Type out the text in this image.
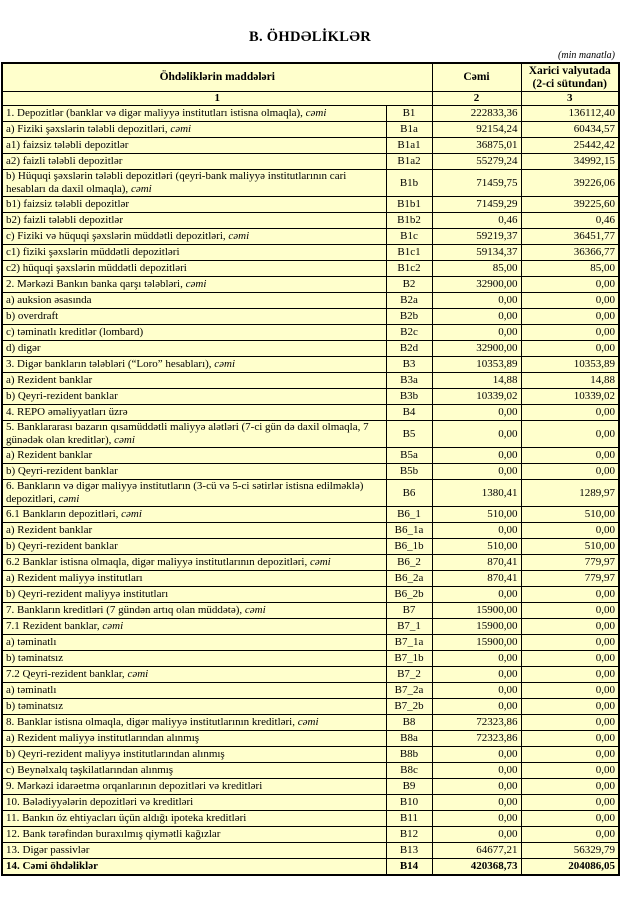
B. ÖHDƏLİKLƏR
(min manatla)
Öhdəliklərin maddələri		Cəmi	Xarici valyutada (2-ci sütundan)
1		2	3
1. Depozitlər (banklar və digər maliyyə institutları istisna olmaqla), cəmi	B1	222833,36	136112,40
a) Fiziki şəxslərin tələbli depozitləri, cəmi	B1a	92154,24	60434,57
a1) faizsiz tələbli depozitlər	B1a1	36875,01	25442,42
a2) faizli tələbli depozitlər	B1a2	55279,24	34992,15
b) Hüquqi şəxslərin tələbli depozitləri (qeyri-bank maliyyə institutlarının cari hesabları da daxil olmaqla), cəmi	B1b	71459,75	39226,06
b1) faizsiz tələbli depozitlər	B1b1	71459,29	39225,60
b2) faizli tələbli depozitlər	B1b2	0,46	0,46
c) Fiziki və hüquqi şəxslərin müddətli depozitləri, cəmi	B1c	59219,37	36451,77
c1) fiziki şəxslərin müddətli depozitləri	B1c1	59134,37	36366,77
c2) hüquqi şəxslərin müddətli depozitləri	B1c2	85,00	85,00
2. Mərkəzi Bankın banka qarşı tələbləri, cəmi	B2	32900,00	0,00
a) auksion əsasında	B2a	0,00	0,00
b) overdraft	B2b	0,00	0,00
c) təminatlı kreditlər (lombard)	B2c	0,00	0,00
d) digər	B2d	32900,00	0,00
3. Digər bankların tələbləri (“Loro” hesabları), cəmi	B3	10353,89	10353,89
a) Rezident banklar	B3a	14,88	14,88
b) Qeyri-rezident banklar	B3b	10339,02	10339,02
4. REPO əməliyyatları üzrə	B4	0,00	0,00
5. Banklararası bazarın qısamüddətli maliyyə alətləri (7-ci gün də daxil olmaqla, 7 günədək olan kreditlər), cəmi	B5	0,00	0,00
a) Rezident banklar	B5a	0,00	0,00
b) Qeyri-rezident banklar	B5b	0,00	0,00
6. Bankların və digər maliyyə institutların (3-cü və 5-ci sətirlər istisna edilməklə) depozitləri, cəmi	B6	1380,41	1289,97
6.1 Bankların depozitləri, cəmi	B6_1	510,00	510,00
a) Rezident banklar	B6_1a	0,00	0,00
b) Qeyri-rezident banklar	B6_1b	510,00	510,00
6.2 Banklar istisna olmaqla, digər maliyyə institutlarının depozitləri, cəmi	B6_2	870,41	779,97
a) Rezident maliyyə institutları	B6_2a	870,41	779,97
b) Qeyri-rezident maliyyə institutları	B6_2b	0,00	0,00
7. Bankların kreditləri (7 gündən artıq olan müddətə), cəmi	B7	15900,00	0,00
7.1 Rezident banklar, cəmi	B7_1	15900,00	0,00
a) təminatlı	B7_1a	15900,00	0,00
b) təminatsız	B7_1b	0,00	0,00
7.2 Qeyri-rezident banklar, cəmi	B7_2	0,00	0,00
a) təminatlı	B7_2a	0,00	0,00
b) təminatsız	B7_2b	0,00	0,00
8. Banklar istisna olmaqla, digər maliyyə institutlarının kreditləri, cəmi	B8	72323,86	0,00
a) Rezident maliyyə institutlarından alınmış	B8a	72323,86	0,00
b) Qeyri-rezident maliyyə institutlarından alınmış	B8b	0,00	0,00
c) Beynəlxalq təşkilatlarından alınmış	B8c	0,00	0,00
9. Mərkəzi idarəetmə orqanlarının depozitləri və kreditləri	B9	0,00	0,00
10. Bələdiyyələrin depozitləri və kreditləri	B10	0,00	0,00
11. Bankın öz ehtiyacları üçün aldığı ipoteka kreditləri	B11	0,00	0,00
12. Bank tərəfindən buraxılmış qiymətli kağızlar	B12	0,00	0,00
13. Digər passivlər	B13	64677,21	56329,79
14. Cəmi öhdəliklər	B14	420368,73	204086,05
